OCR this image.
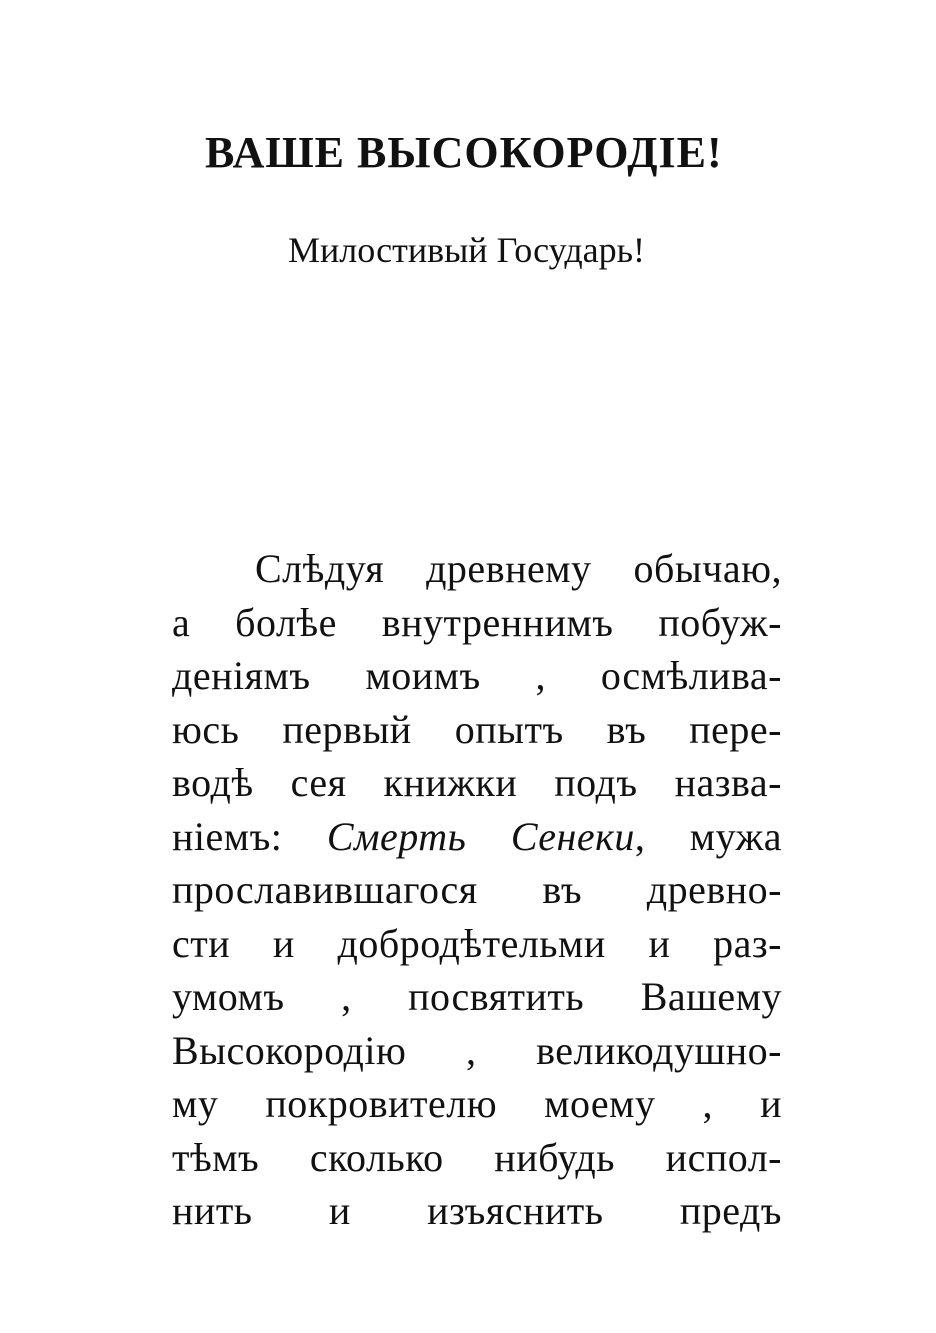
ВАШЕ ВЫСОКОРОДІЕ!
Милостивый Государь!
Слѣдуя древнему обычаю,
а болѣе внутреннимъ побуж-
деніямъ моимъ , осмѣлива-
юсь первый опытъ въ пере-
водѣ сея книжки подъ назва-
ніемъ: Смерть Сенеки, мужа
прославившагося въ древно-
сти и добродѣтельми и раз-
умомъ , посвятить Вашему
Высокородію , великодушно-
му покровителю моему , и
тѣмъ сколько нибудь испол-
нить и изъяснить предъ
